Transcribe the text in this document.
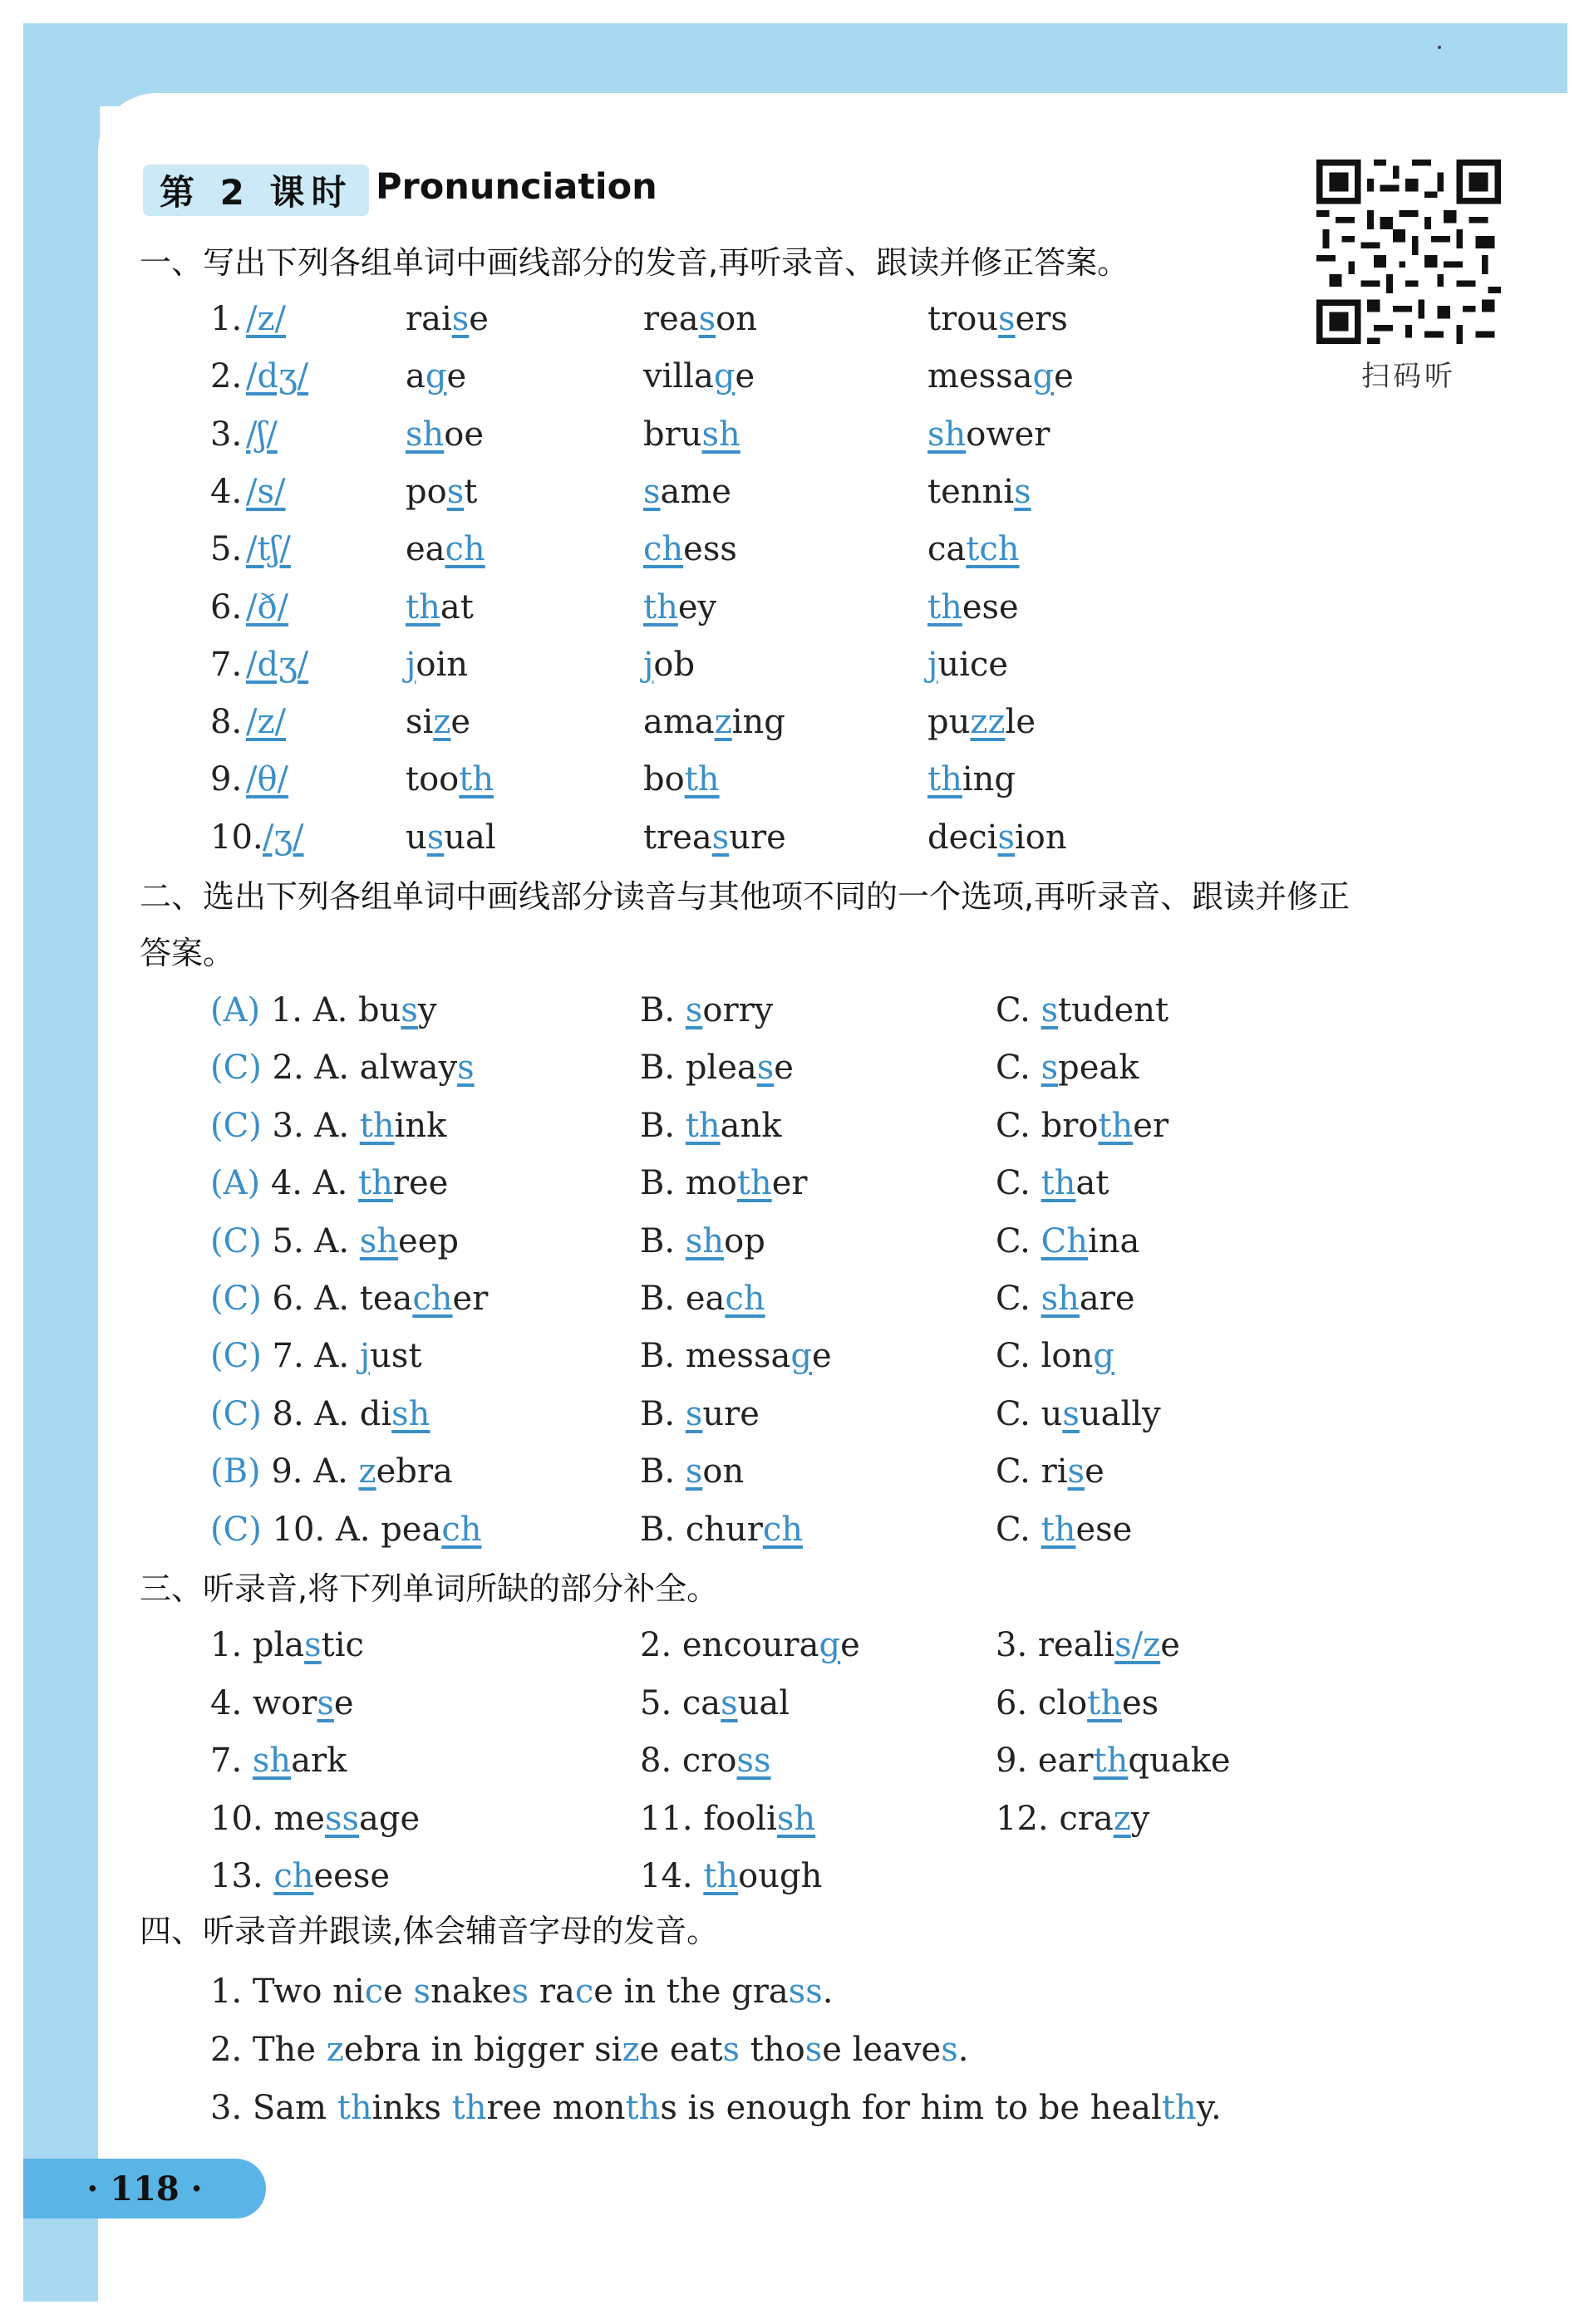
第 2 课时 Pronunciation
扫码听
一、写出下列各组单词中画线部分的发音,再听录音、跟读并修正答案。
1. /z/	raise	reason	trousers
2. /dʒ/	age	village	message
3. /ʃ/	shoe	brush	shower
4. /s/	post	same	tennis
5. /tʃ/	each	chess	catch
6. /ð/	that	they	these
7. /dʒ/	join	job	juice
8. /z/	size	amazing	puzzle
9. /θ/	tooth	both	thing
10. /ʒ/	usual	treasure	decision
二、选出下列各组单词中画线部分读音与其他项不同的一个选项,再听录音、跟读并修正
答案。
(A) 1. A. busy	B. sorry	C. student
(C) 2. A. always	B. please	C. speak
(C) 3. A. think	B. thank	C. brother
(A) 4. A. three	B. mother	C. that
(C) 5. A. sheep	B. shop	C. China
(C) 6. A. teacher	B. each	C. share
(C) 7. A. just	B. message	C. long
(C) 8. A. dish	B. sure	C. usually
(B) 9. A. zebra	B. son	C. rise
(C) 10. A. peach	B. church	C. these
三、听录音,将下列单词所缺的部分补全。
1. plastic	2. encourage	3. realis/ze
4. worse	5. casual	6. clothes
7. shark	8. cross	9. earthquake
10. message	11. foolish	12. crazy
13. cheese	14. though
四、听录音并跟读,体会辅音字母的发音。
1. Two nice snakes race in the grass.
2. The zebra in bigger size eats those leaves.
3. Sam thinks three months is enough for him to be healthy.
· 118 ·
